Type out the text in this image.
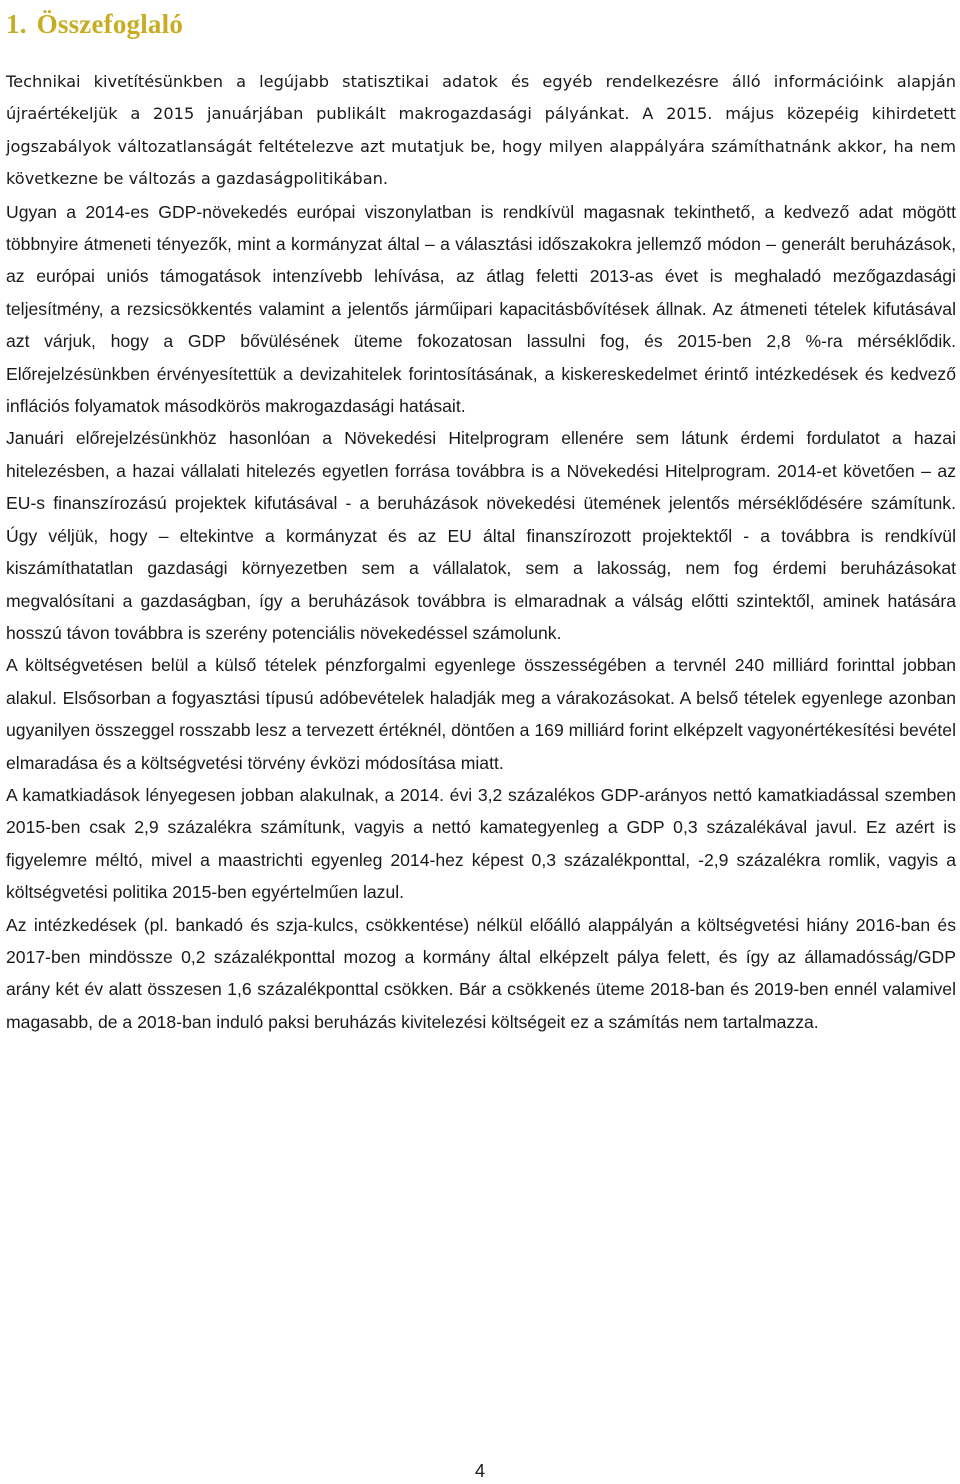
1. Összefoglaló

Technikai kivetítésünkben a legújabb statisztikai adatok és egyéb rendelkezésre álló információink alapján újraértékeljük a 2015 januárjában publikált makrogazdasági pályánkat. A 2015. május közepéig kihirdetett jogszabályok változatlanságát feltételezve azt mutatjuk be, hogy milyen alappályára számíthatnánk akkor, ha nem következne be változás a gazdaságpolitikában.

Ugyan a 2014-es GDP-növekedés európai viszonylatban is rendkívül magasnak tekinthető, a kedvező adat mögött többnyire átmeneti tényezők, mint a kormányzat által – a választási időszakokra jellemző módon – generált beruházások, az európai uniós támogatások intenzívebb lehívása, az átlag feletti 2013-as évet is meghaladó mezőgazdasági teljesítmény, a rezsicsökkentés valamint a jelentős járműipari kapacitásbővítések állnak. Az átmeneti tételek kifutásával azt várjuk, hogy a GDP bővülésének üteme fokozatosan lassulni fog, és 2015-ben 2,8 %-ra mérséklődik. Előrejelzésünkben érvényesítettük a devizahitelek forintosításának, a kiskereskedelmet érintő intézkedések és kedvező inflációs folyamatok másodkörös makrogazdasági hatásait.

Januári előrejelzésünkhöz hasonlóan a Növekedési Hitelprogram ellenére sem látunk érdemi fordulatot a hazai hitelezésben, a hazai vállalati hitelezés egyetlen forrása továbbra is a Növekedési Hitelprogram. 2014-et követően – az EU-s finanszírozású projektek kifutásával - a beruházások növekedési ütemének jelentős mérséklődésére számítunk. Úgy véljük, hogy – eltekintve a kormányzat és az EU által finanszírozott projektektől - a továbbra is rendkívül kiszámíthatatlan gazdasági környezetben sem a vállalatok, sem a lakosság, nem fog érdemi beruházásokat megvalósítani a gazdaságban, így a beruházások továbbra is elmaradnak a válság előtti szintektől, aminek hatására hosszú távon továbbra is szerény potenciális növekedéssel számolunk.

A költségvetésen belül a külső tételek pénzforgalmi egyenlege összességében a tervnél 240 milliárd forinttal jobban alakul. Elsősorban a fogyasztási típusú adóbevételek haladják meg a várakozásokat. A belső tételek egyenlege azonban ugyanilyen összeggel rosszabb lesz a tervezett értéknél, döntően a 169 milliárd forint elképzelt vagyonértékesítési bevétel elmaradása és a költségvetési törvény évközi módosítása miatt.

A kamatkiadások lényegesen jobban alakulnak, a 2014. évi 3,2 százalékos GDP-arányos nettó kamatkiadással szemben 2015-ben csak 2,9 százalékra számítunk, vagyis a nettó kamategyenleg a GDP 0,3 százalékával javul. Ez azért is figyelemre méltó, mivel a maastrichti egyenleg 2014-hez képest 0,3 százalékponttal, -2,9 százalékra romlik, vagyis a költségvetési politika 2015-ben egyértelműen lazul.

Az intézkedések (pl. bankadó és szja-kulcs, csökkentése) nélkül előálló alappályán a költségvetési hiány 2016-ban és 2017-ben mindössze 0,2 százalékponttal mozog a kormány által elképzelt pálya felett, és így az államadósság/GDP arány két év alatt összesen 1,6 százalékponttal csökken. Bár a csökkenés üteme 2018-ban és 2019-ben ennél valamivel magasabb, de a 2018-ban induló paksi beruházás kivitelezési költségeit ez a számítás nem tartalmazza.

4
